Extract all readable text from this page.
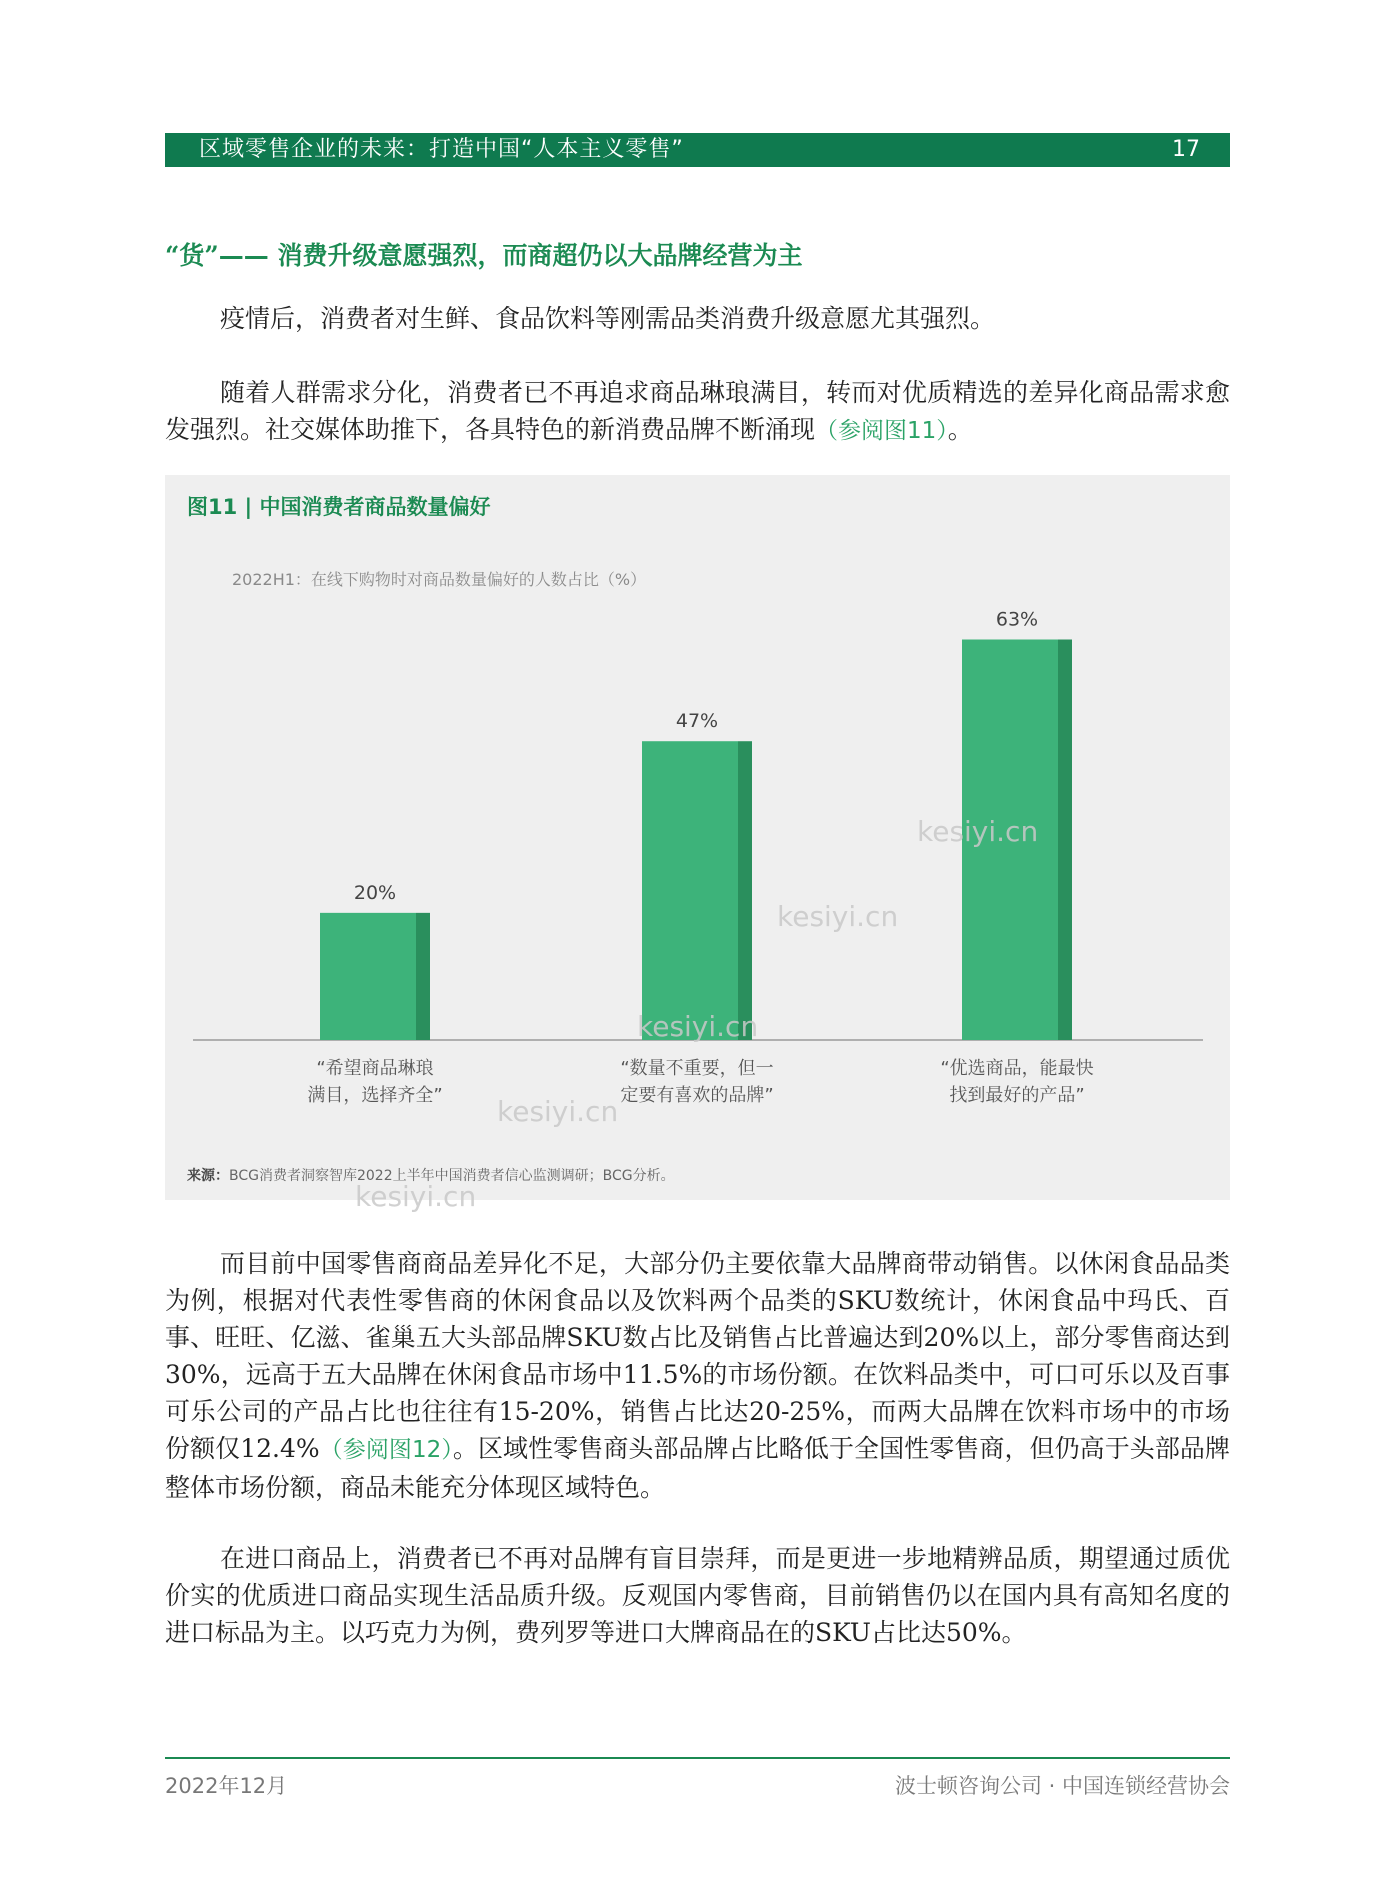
区域零售企业的未来：打造中国“人本主义零售”	17
“货”—— 消费升级意愿强烈，而商超仍以大品牌经营为主

疫情后，消费者对生鲜、食品饮料等刚需品类消费升级意愿尤其强烈。

随着人群需求分化，消费者已不再追求商品琳琅满目，转而对优质精选的差异化商品需求愈发强烈。社交媒体助推下，各具特色的新消费品牌不断涌现（参阅图11）。

图11 | 中国消费者商品数量偏好
2022H1：在线下购物时对商品数量偏好的人数占比（%）
20%
47%
63%
“希望商品琳琅
满目，选择齐全”
“数量不重要，但一
定要有喜欢的品牌”
“优选商品，能最快
找到最好的产品”
来源：BCG消费者洞察智库2022上半年中国消费者信心监测调研；BCG分析。
kesiyi.cn
kesiyi.cn
kesiyi.cn
kesiyi.cn
kesiyi.cn

而目前中国零售商商品差异化不足，大部分仍主要依靠大品牌商带动销售。以休闲食品品类为例，根据对代表性零售商的休闲食品以及饮料两个品类的SKU数统计，休闲食品中玛氏、百事、旺旺、亿滋、雀巢五大头部品牌SKU数占比及销售占比普遍达到20%以上，部分零售商达到30%，远高于五大品牌在休闲食品市场中11.5%的市场份额。在饮料品类中，可口可乐以及百事可乐公司的产品占比也往往有15-20%，销售占比达20-25%，而两大品牌在饮料市场中的市场份额仅12.4%（参阅图12）。区域性零售商头部品牌占比略低于全国性零售商，但仍高于头部品牌整体市场份额，商品未能充分体现区域特色。

在进口商品上，消费者已不再对品牌有盲目崇拜，而是更进一步地精辨品质，期望通过质优价实的优质进口商品实现生活品质升级。反观国内零售商，目前销售仍以在国内具有高知名度的进口标品为主。以巧克力为例，费列罗等进口大牌商品在的SKU占比达50%。

2022年12月	波士顿咨询公司 · 中国连锁经营协会
